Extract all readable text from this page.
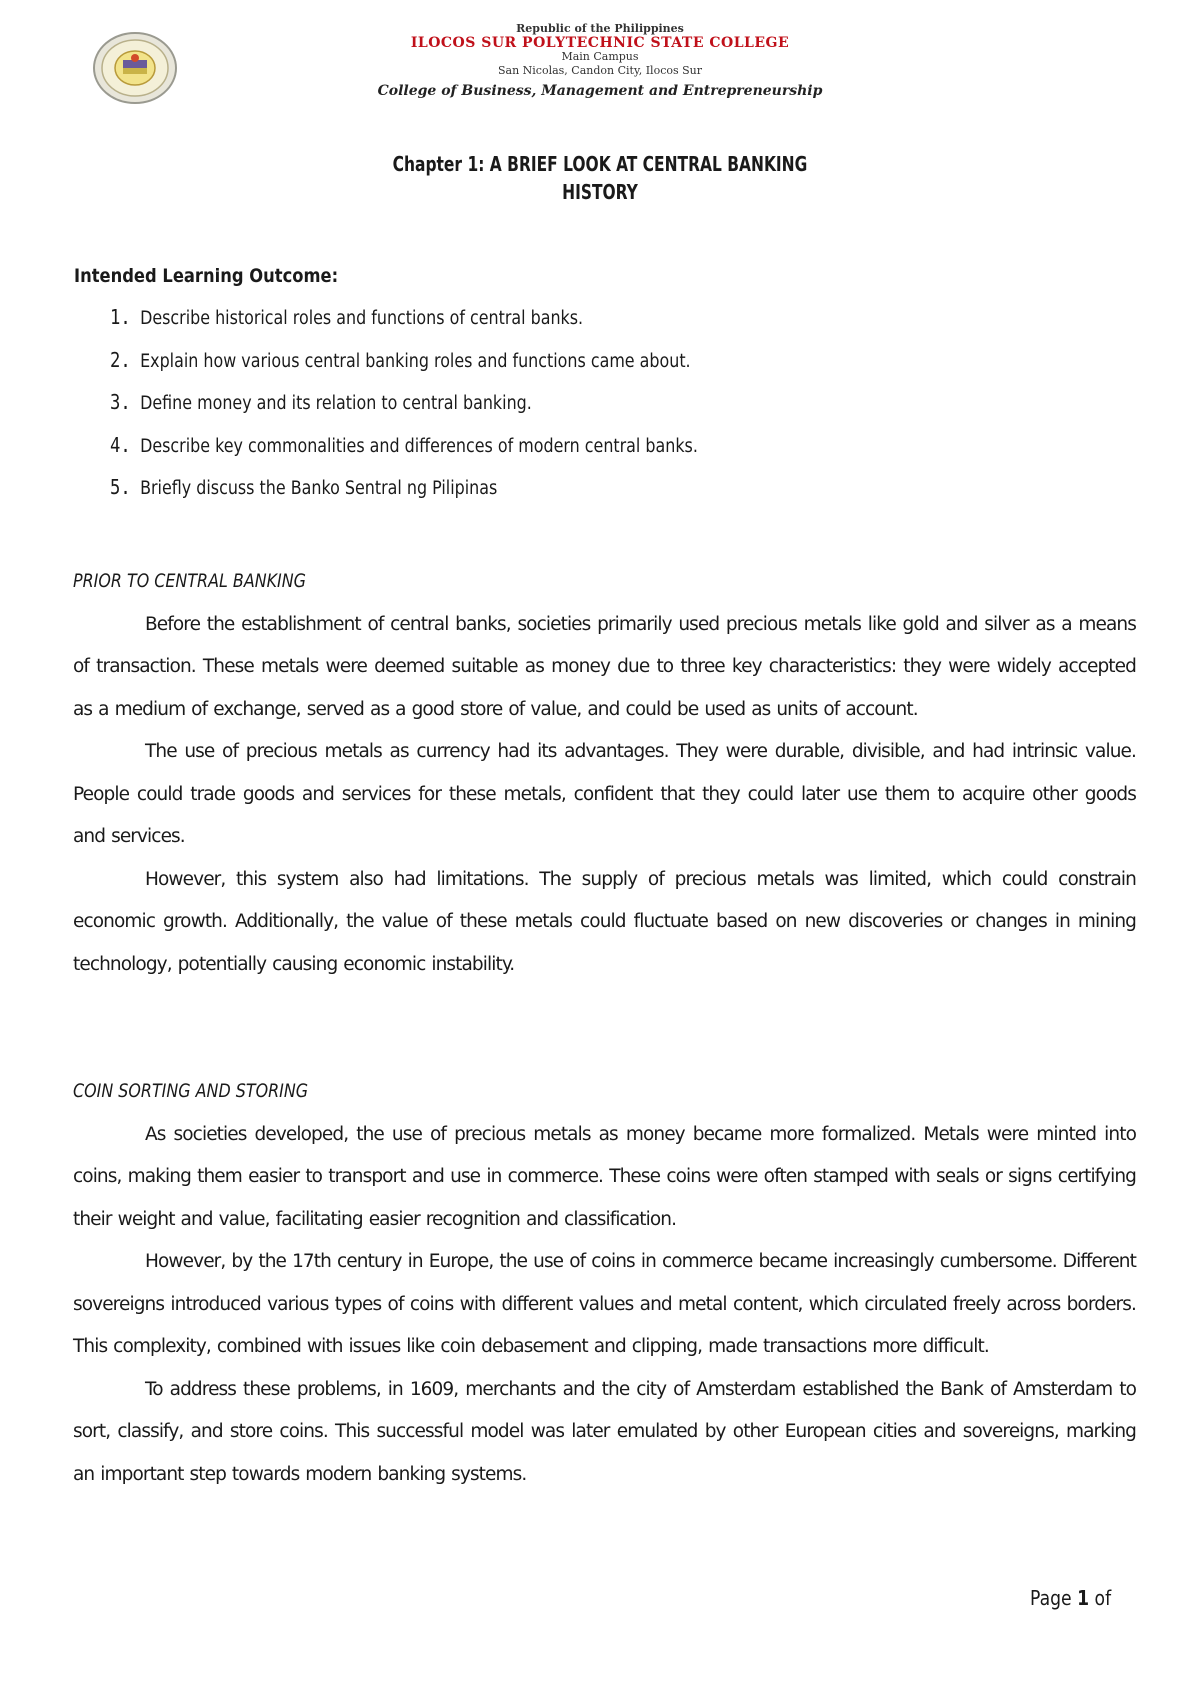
Republic of the Philippines
ILOCOS SUR POLYTECHNIC STATE COLLEGE
Main Campus
San Nicolas, Candon City, Ilocos Sur
College of Business, Management and Entrepreneurship
Chapter 1: A BRIEF LOOK AT CENTRAL BANKING
HISTORY
Intended Learning Outcome:
1. Describe historical roles and functions of central banks.
2. Explain how various central banking roles and functions came about.
3. Define money and its relation to central banking.
4. Describe key commonalities and differences of modern central banks.
5. Briefly discuss the Banko Sentral ng Pilipinas
PRIOR TO CENTRAL BANKING

Before the establishment of central banks, societies primarily used precious metals like gold and silver as a means of transaction. These metals were deemed suitable as money due to three key characteristics: they were widely accepted as a medium of exchange, served as a good store of value, and could be used as units of account.

The use of precious metals as currency had its advantages. They were durable, divisible, and had intrinsic value. People could trade goods and services for these metals, confident that they could later use them to acquire other goods and services.

However, this system also had limitations. The supply of precious metals was limited, which could constrain economic growth. Additionally, the value of these metals could fluctuate based on new discoveries or changes in mining technology, potentially causing economic instability.

COIN SORTING AND STORING

As societies developed, the use of precious metals as money became more formalized. Metals were minted into coins, making them easier to transport and use in commerce. These coins were often stamped with seals or signs certifying their weight and value, facilitating easier recognition and classification.

However, by the 17th century in Europe, the use of coins in commerce became increasingly cumbersome. Different sovereigns introduced various types of coins with different values and metal content, which circulated freely across borders. This complexity, combined with issues like coin debasement and clipping, made transactions more difficult.

To address these problems, in 1609, merchants and the city of Amsterdam established the Bank of Amsterdam to sort, classify, and store coins. This successful model was later emulated by other European cities and sovereigns, marking an important step towards modern banking systems.

Page 1 of
